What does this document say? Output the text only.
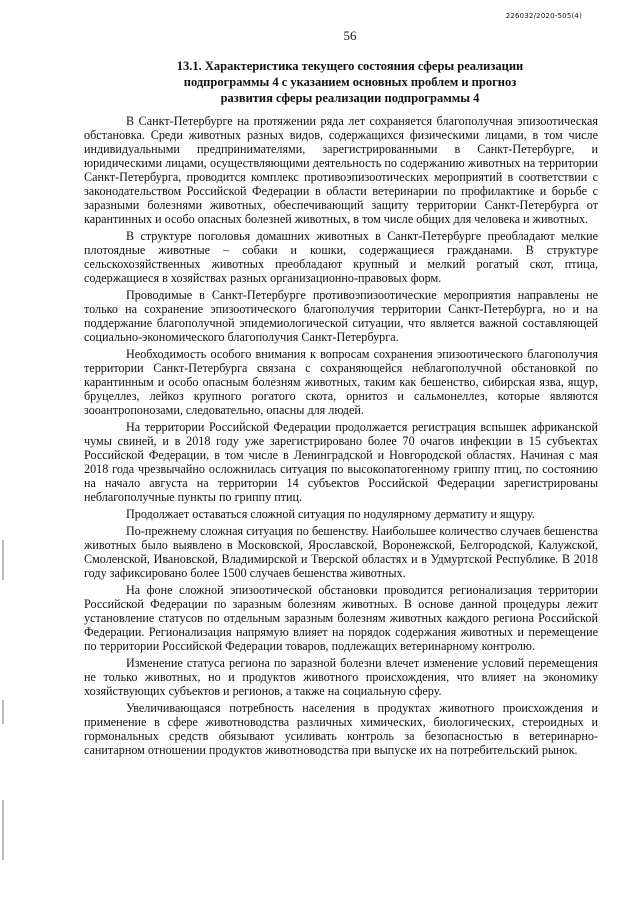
226032/2020-505(4)
56
13.1. Характеристика текущего состояния сферы реализации
подпрограммы 4 с указанием основных проблем и прогноз
развития сферы реализации подпрограммы 4

В Санкт-Петербурге на протяжении ряда лет сохраняется благополучная эпизоотическая обстановка. Среди животных разных видов, содержащихся физическими лицами, в том числе индивидуальными предпринимателями, зарегистрированными в Санкт-Петербурге, и юридическими лицами, осуществляющими деятельность по содержанию животных на территории Санкт-Петербурга, проводится комплекс противоэпизоотических мероприятий в соответствии с законодательством Российской Федерации в области ветеринарии по профилактике и борьбе с заразными болезнями животных, обеспечивающий защиту территории Санкт-Петербурга от карантинных и особо опасных болезней животных, в том числе общих для человека и животных.

В структуре поголовья домашних животных в Санкт-Петербурге преобладают мелкие плотоядные животные – собаки и кошки, содержащиеся гражданами. В структуре сельскохозяйственных животных преобладают крупный и мелкий рогатый скот, птица, содержащиеся в хозяйствах разных организационно-правовых форм.

Проводимые в Санкт-Петербурге противоэпизоотические мероприятия направлены не только на сохранение эпизоотического благополучия территории Санкт-Петербурга, но и на поддержание благополучной эпидемиологической ситуации, что является важной составляющей социально-экономического благополучия Санкт-Петербурга.

Необходимость особого внимания к вопросам сохранения эпизоотического благополучия территории Санкт-Петербурга связана с сохраняющейся неблагополучной обстановкой по карантинным и особо опасным болезням животных, таким как бешенство, сибирская язва, ящур, бруцеллез, лейкоз крупного рогатого скота, орнитоз и сальмонеллез, которые являются зооантропонозами, следовательно, опасны для людей.

На территории Российской Федерации продолжается регистрация вспышек африканской чумы свиней, и в 2018 году уже зарегистрировано более 70 очагов инфекции в 15 субъектах Российской Федерации, в том числе в Ленинградской и Новгородской областях. Начиная с мая 2018 года чрезвычайно осложнилась ситуация по высокопатогенному гриппу птиц, по состоянию на начало августа на территории 14 субъектов Российской Федерации зарегистрированы неблагополучные пункты по гриппу птиц.

Продолжает оставаться сложной ситуация по нодулярному дерматиту и ящуру.

По-прежнему сложная ситуация по бешенству. Наибольшее количество случаев бешенства животных было выявлено в Московской, Ярославской, Воронежской, Белгородской, Калужской, Смоленской, Ивановской, Владимирской и Тверской областях и в Удмуртской Республике. В 2018 году зафиксировано более 1500 случаев бешенства животных.

На фоне сложной эпизоотической обстановки проводится регионализация территории Российской Федерации по заразным болезням животных. В основе данной процедуры лежит установление статусов по отдельным заразным болезням животных каждого региона Российской Федерации. Регионализация напрямую влияет на порядок содержания животных и перемещение по территории Российской Федерации товаров, подлежащих ветеринарному контролю.

Изменение статуса региона по заразной болезни влечет изменение условий перемещения не только животных, но и продуктов животного происхождения, что влияет на экономику хозяйствующих субъектов и регионов, а также на социальную сферу.

Увеличивающаяся потребность населения в продуктах животного происхождения и применение в сфере животноводства различных химических, биологических, стероидных и гормональных средств обязывают усиливать контроль за безопасностью в ветеринарно-санитарном отношении продуктов животноводства при выпуске их на потребительский рынок.
